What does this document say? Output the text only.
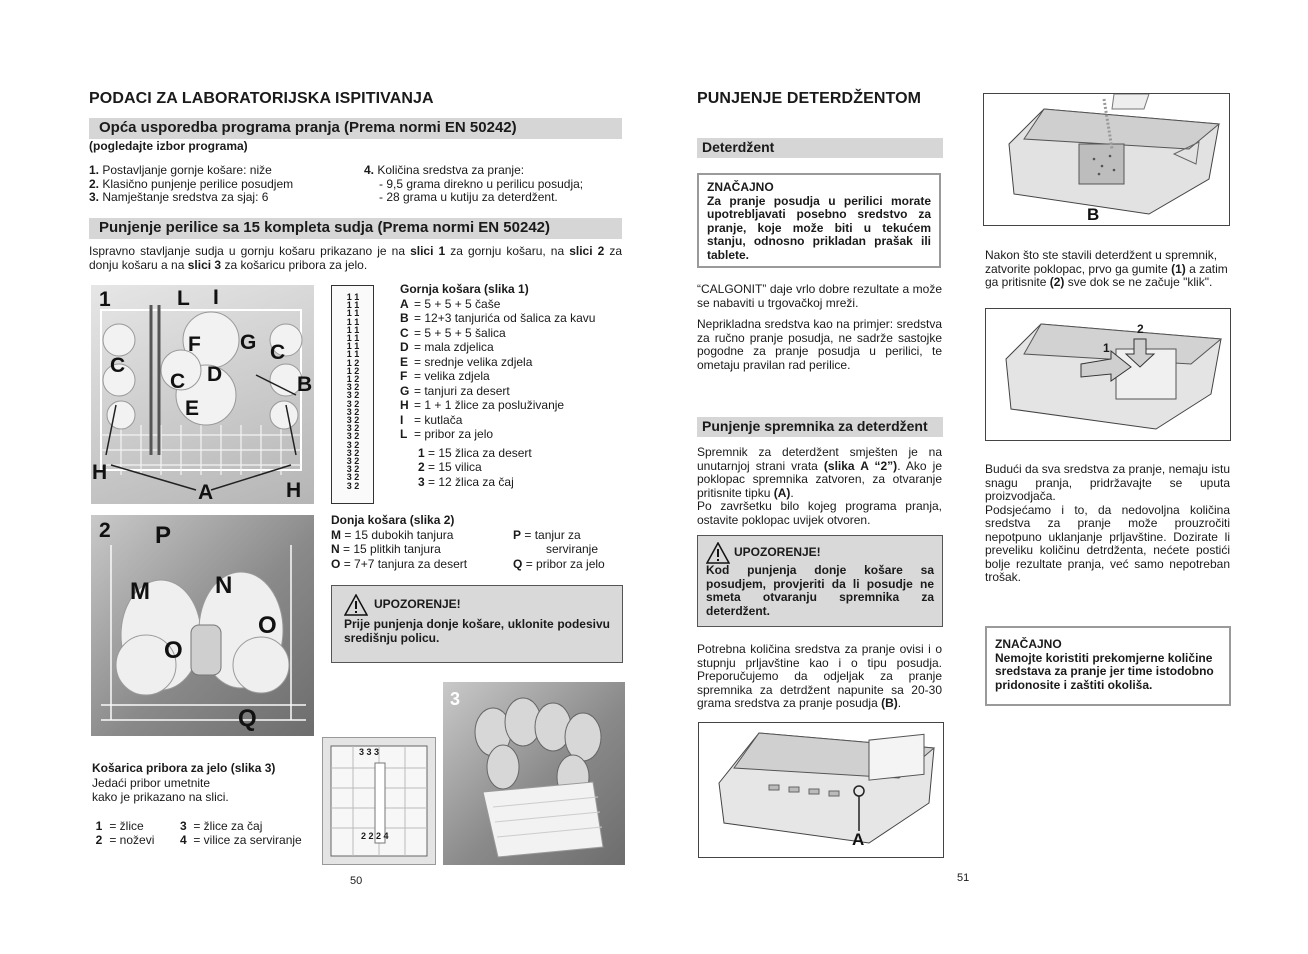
PODACI ZA LABORATORIJSKA ISPITIVANJA
Opća usporedba programa pranja (Prema normi EN 50242)
(pogledajte izbor programa)
1. Postavljanje gornje košare: niže
2. Klasično punjenje perilice posudjem
3. Namještanje sredstva za sjaj: 6
4. Količina sredstva za pranje:
- 9,5 grama direkno u perilicu posudja;
- 28 grama u kutiju za deterdžent.
Punjenje perilice sa 15 kompleta sudja (Prema normi EN 50242)
Ispravno stavljanje sudja u gornju košaru prikazano je na slici 1 za gornju košaru, na slici 2 za donju košaru a na slici 3 za košaricu pribora za jelo.
1	L I
F G C
C
C D	B
E
H
A	H
1 1
1 1
1 1
1 1
1 1
1 1
1 1
1 1
1 2
1 2
1 2
3 2
3 2
3 2
3 2
3 2
3 2
3 2
3 2
3 2
3 2
3 2
3 2
3 2
Gornja košara (slika 1)
A = 5 + 5 + 5 čaše
B = 12+3 tanjurića od šalica za kavu
C = 5 + 5 + 5 šalica
D = mala zdjelica
E = srednje velika zdjela
F = velika zdjela
G = tanjuri za desert
H = 1 + 1 žlice za posluživanje
I = kutlača
L = pribor za jelo
1 = 15 žlica za desert
2 = 15 vilica
3 = 12 žlica za čaj
2 P
M	N
O
O
Q
Donja košara (slika 2)
M = 15 dubokih tanjura
N = 15 plitkih tanjura
O = 7+7 tanjura za desert
P = tanjur za
serviranje
Q = pribor za jelo
UPOZORENJE!
Prije punjenja donje košare, uklonite podesivu središnju policu.
Košarica pribora za jelo (slika 3)
Jedaći pribor umetnite
kako je prikazano na slici.
1 = žlice	3 = žlice za čaj
2 = noževi	4 = vilice za serviranje
3 3 3
2 2 2 4
3
50
PUNJENJE DETERDŽENTOM
Deterdžent
ZNAČAJNO
Za pranje posudja u perilici morate upotrebljavati posebno sredstvo za pranje, koje može biti u tekućem stanju, odnosno prikladan prašak ili tablete.
“CALGONIT” daje vrlo dobre rezultate a može se nabaviti u trgovačkoj mreži.
Neprikladna sredstva kao na primjer: sredstva za ručno pranje posudja, ne sadrže sastojke pogodne za pranje posudja u perilici, te ometaju pravilan rad perilice.
Punjenje spremnika za deterdžent
Spremnik za deterdžent smješten je na unutarnjoj strani vrata (slika A “2”). Ako je poklopac spremnika zatvoren, za otvaranje pritisnite tipku (A).
Po završetku bilo kojeg programa pranja, ostavite poklopac uvijek otvoren.
UPOZORENJE!
Kod punjenja donje košare sa posudjem, provjeriti da li posudje ne smeta otvaranju spremnika za deterdžent.
Potrebna količina sredstva za pranje ovisi i o stupnju prljavštine kao i o tipu posudja. Preporučujemo da odjeljak za pranje spremnika za detrdžent napunite sa 20-30 grama sredstva za pranje posudja (B).
A
51
B
Nakon što ste stavili deterdžent u spremnik, zatvorite poklopac, prvo ga gumite (1) a zatim ga pritisnite (2) sve dok se ne začuje "klik".
1
2
Budući da sva sredstva za pranje, nemaju istu snagu pranja, pridržavajte se uputa proizvodjača.
Podsjećamo i to, da nedovoljna količina sredstva za pranje može prouzročiti nepotpuno uklanjanje prljavštine. Dozirate li preveliku količinu detrdženta, nećete postići bolje rezultate pranja, već samo nepotreban trošak.
ZNAČAJNO
Nemojte koristiti prekomjerne količine sredstava za pranje jer time istodobno pridonosite i zaštiti okoliša.
